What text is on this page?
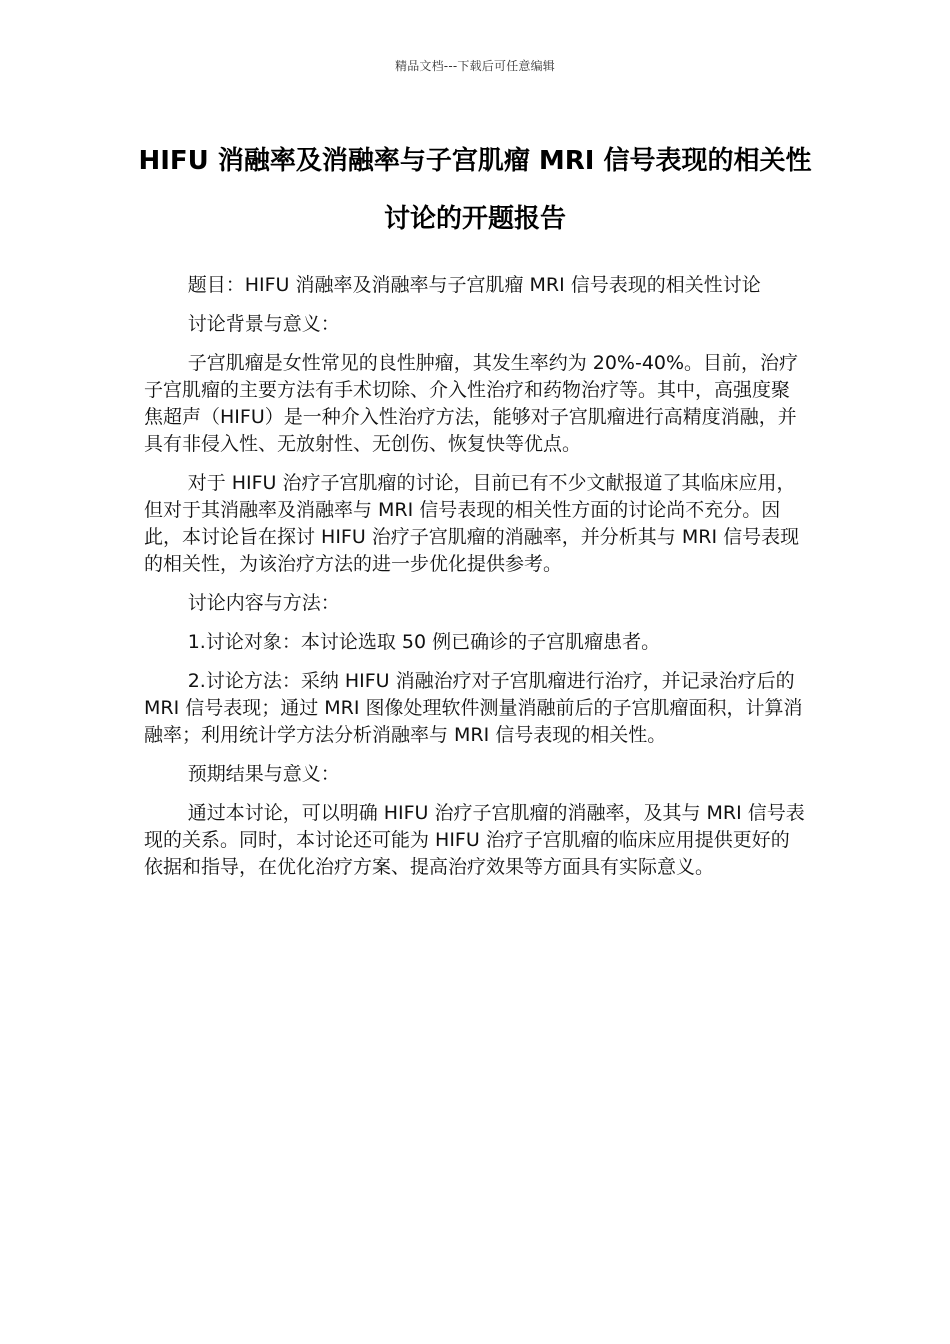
精品文档---下载后可任意编辑
HIFU 消融率及消融率与子宫肌瘤 MRI 信号表现的相关性讨论的开题报告

题目：HIFU 消融率及消融率与子宫肌瘤 MRI 信号表现的相关性讨论

讨论背景与意义：

子宫肌瘤是女性常见的良性肿瘤，其发生率约为 20%-40%。目前，治疗子宫肌瘤的主要方法有手术切除、介入性治疗和药物治疗等。其中，高强度聚焦超声（HIFU）是一种介入性治疗方法，能够对子宫肌瘤进行高精度消融，并具有非侵入性、无放射性、无创伤、恢复快等优点。

对于 HIFU 治疗子宫肌瘤的讨论，目前已有不少文献报道了其临床应用，但对于其消融率及消融率与 MRI 信号表现的相关性方面的讨论尚不充分。因此，本讨论旨在探讨 HIFU 治疗子宫肌瘤的消融率，并分析其与 MRI 信号表现的相关性，为该治疗方法的进一步优化提供参考。

讨论内容与方法：

1.讨论对象：本讨论选取 50 例已确诊的子宫肌瘤患者。

2.讨论方法：采纳 HIFU 消融治疗对子宫肌瘤进行治疗，并记录治疗后的 MRI 信号表现；通过 MRI 图像处理软件测量消融前后的子宫肌瘤面积，计算消融率；利用统计学方法分析消融率与 MRI 信号表现的相关性。

预期结果与意义：

通过本讨论，可以明确 HIFU 治疗子宫肌瘤的消融率，及其与 MRI 信号表现的关系。同时，本讨论还可能为 HIFU 治疗子宫肌瘤的临床应用提供更好的依据和指导，在优化治疗方案、提高治疗效果等方面具有实际意义。
